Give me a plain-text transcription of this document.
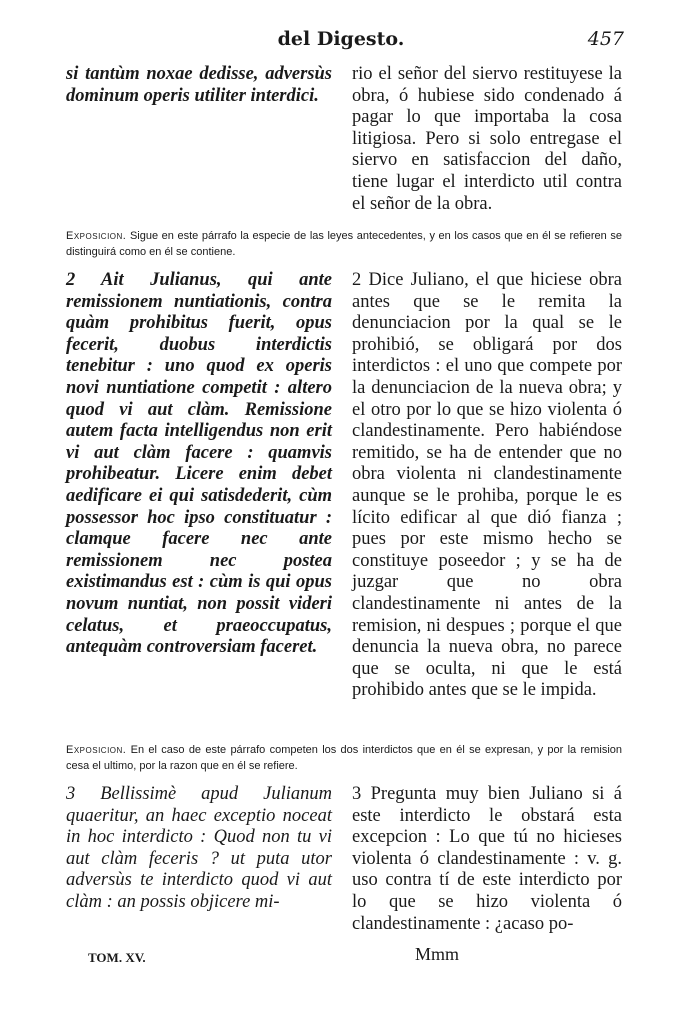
del Digesto.	457

si tantùm noxae dedisse, adversùs dominum operis utiliter interdici.

rio el señor del siervo restituyese la obra, ó hubiese sido condenado á pagar lo que importaba la cosa litigiosa. Pero si solo entregase el siervo en satisfaccion del daño, tiene lugar el interdicto util contra el señor de la obra.

Exposicion. Sigue en este párrafo la especie de las leyes antecedentes, y en los casos que en él se refieren se distinguirá como en él se contiene.

2 Ait Julianus, qui ante remissionem nuntiationis, contra quàm prohibitus fuerit, opus fecerit, duobus interdictis tenebitur : uno quod ex operis novi nuntiatione competit : altero quod vi aut clàm. Remissione autem facta intelligendus non erit vi aut clàm facere : quamvis prohibeatur. Licere enim debet aedificare ei qui satisdederit, cùm possessor hoc ipso constituatur : clamque facere nec ante remissionem nec postea existimandus est : cùm is qui opus novum nuntiat, non possit videri celatus, et praeoccupatus, antequàm controversiam faceret.

2 Dice Juliano, el que hiciese obra antes que se le remita la denunciacion por la qual se le prohibió, se obligará por dos interdictos : el uno que compete por la denunciacion de la nueva obra; y el otro por lo que se hizo violenta ó clandestinamente. Pero habiéndose remitido, se ha de entender que no obra violenta ni clandestinamente aunque se le prohiba, porque le es lícito edificar al que dió fianza ; pues por este mismo hecho se constituye poseedor ; y se ha de juzgar que no obra clandestinamente ni antes de la remision, ni despues ; porque el que denuncia la nueva obra, no parece que se oculta, ni que le está prohibido antes que se le impida.

Exposicion. En el caso de este párrafo competen los dos interdictos que en él se expresan, y por la remision cesa el ultimo, por la razon que en él se refiere.

3 Bellissimè apud Julianum quaeritur, an haec exceptio noceat in hoc interdicto : Quod non tu vi aut clàm feceris ? ut puta utor adversùs te interdicto quod vi aut clàm : an possis objicere mi-

3 Pregunta muy bien Juliano si á este interdicto le obstará esta excepcion : Lo que tú no hicieses violenta ó clandestinamente : v. g. uso contra tí de este interdicto por lo que se hizo violenta ó clandestinamente : ¿acaso po-

TOM. XV.	Mmm
